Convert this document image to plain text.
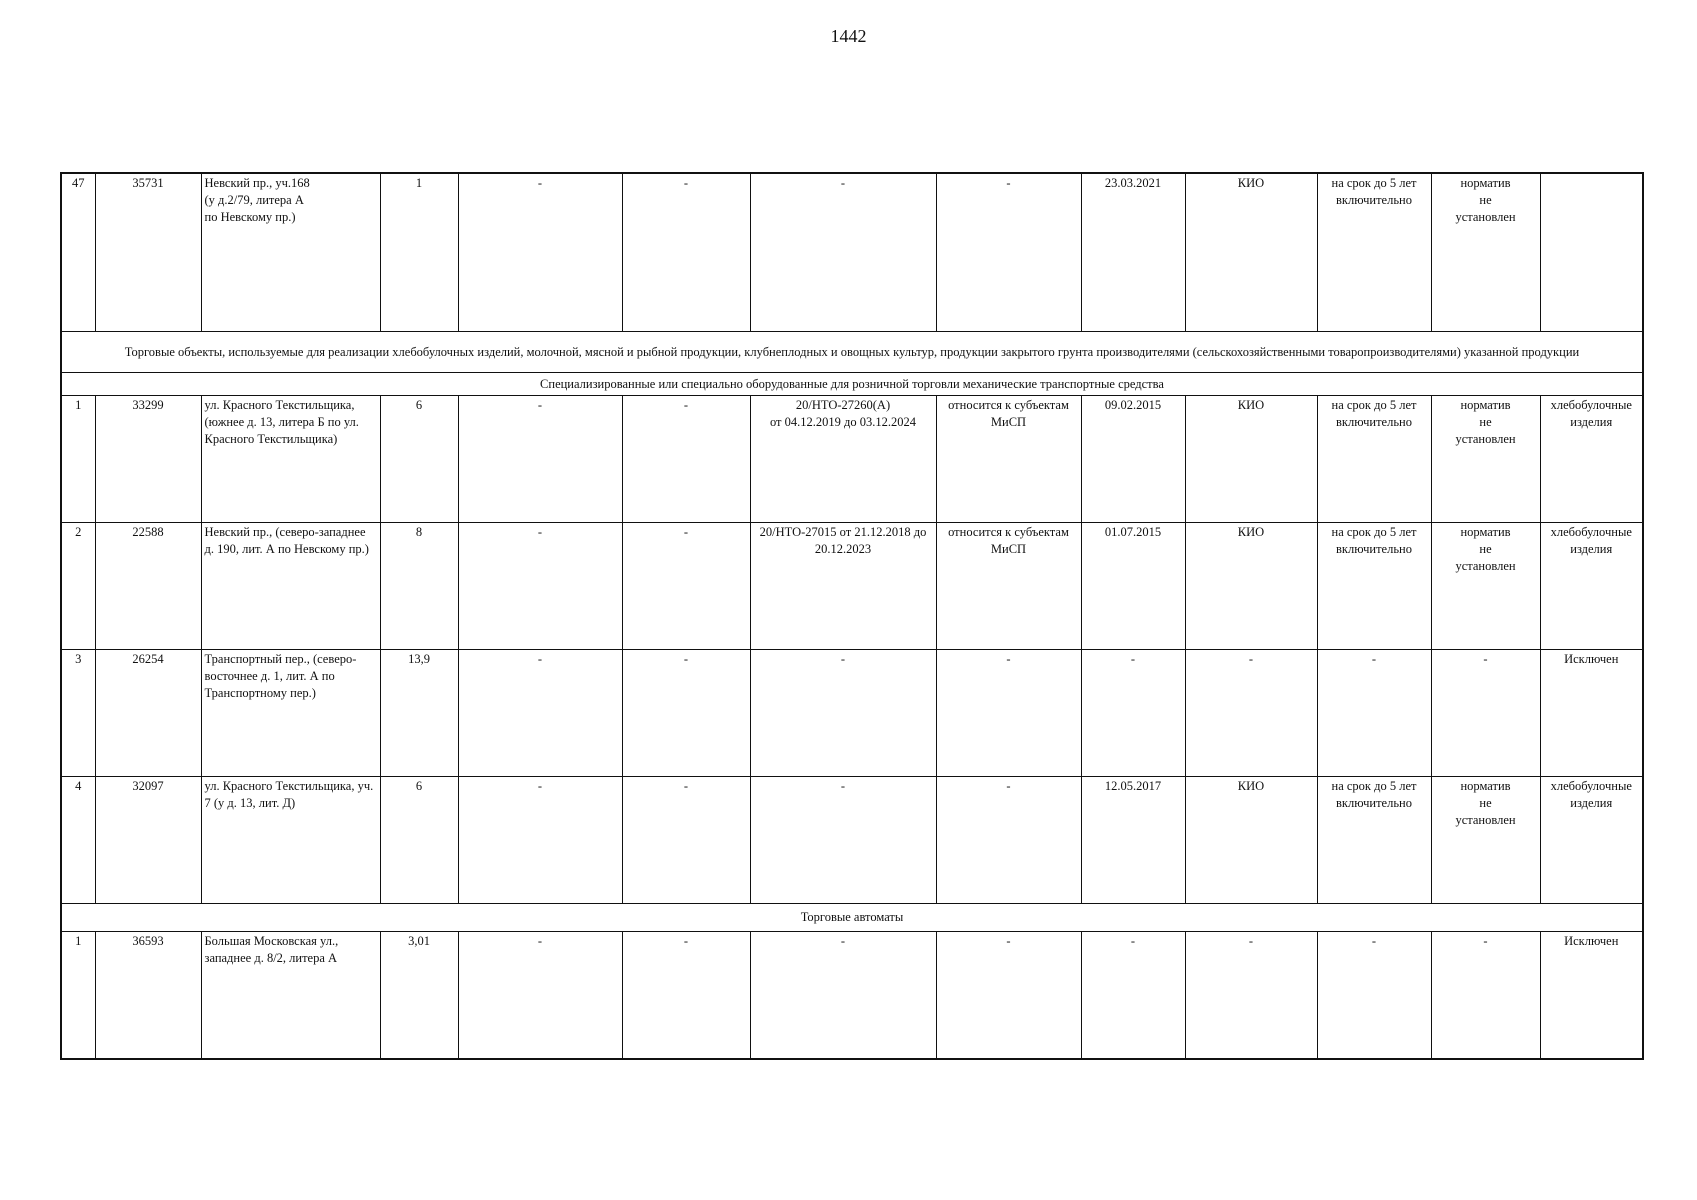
1442
47	35731	Невский пр., уч.168
(у д.2/79, литера А
по Невскому пр.)	1	-	-	-	-	23.03.2021	КИО	на срок до 5 лет включительно	норматив
не
установлен	
Торговые объекты, используемые для реализации хлебобулочных изделий, молочной, мясной и рыбной продукции, клубнеплодных и овощных культур, продукции закрытого грунта производителями (сельскохозяйственными товаропроизводителями) указанной продукции												
Специализированные или специально оборудованные для розничной торговли механические транспортные средства												
1	33299	ул. Красного Текстильщика, (южнее д. 13, литера Б по ул. Красного Текстильщика)	6	-	-	20/НТО-27260(А)
от 04.12.2019 до 03.12.2024	относится к субъектам МиСП	09.02.2015	КИО	на срок до 5 лет включительно	норматив
не
установлен	хлебобулочные изделия
2	22588	Невский пр., (северо-западнее д. 190, лит. А по Невскому пр.)	8	-	-	20/НТО-27015 от 21.12.2018 до 20.12.2023	относится к субъектам МиСП	01.07.2015	КИО	на срок до 5 лет включительно	норматив
не
установлен	хлебобулочные изделия
3	26254	Транспортный пер., (северо-восточнее д. 1, лит. А по Транспортному пер.)	13,9	-	-	-	-	-	-	-	-	Исключен
4	32097	ул. Красного Текстильщика, уч. 7 (у д. 13, лит. Д)	6	-	-	-	-	12.05.2017	КИО	на срок до 5 лет включительно	норматив
не
установлен	хлебобулочные изделия
Торговые автоматы												
1	36593	Большая Московская ул., западнее д. 8/2, литера А	3,01	-	-	-	-	-	-	-	-	Исключен
